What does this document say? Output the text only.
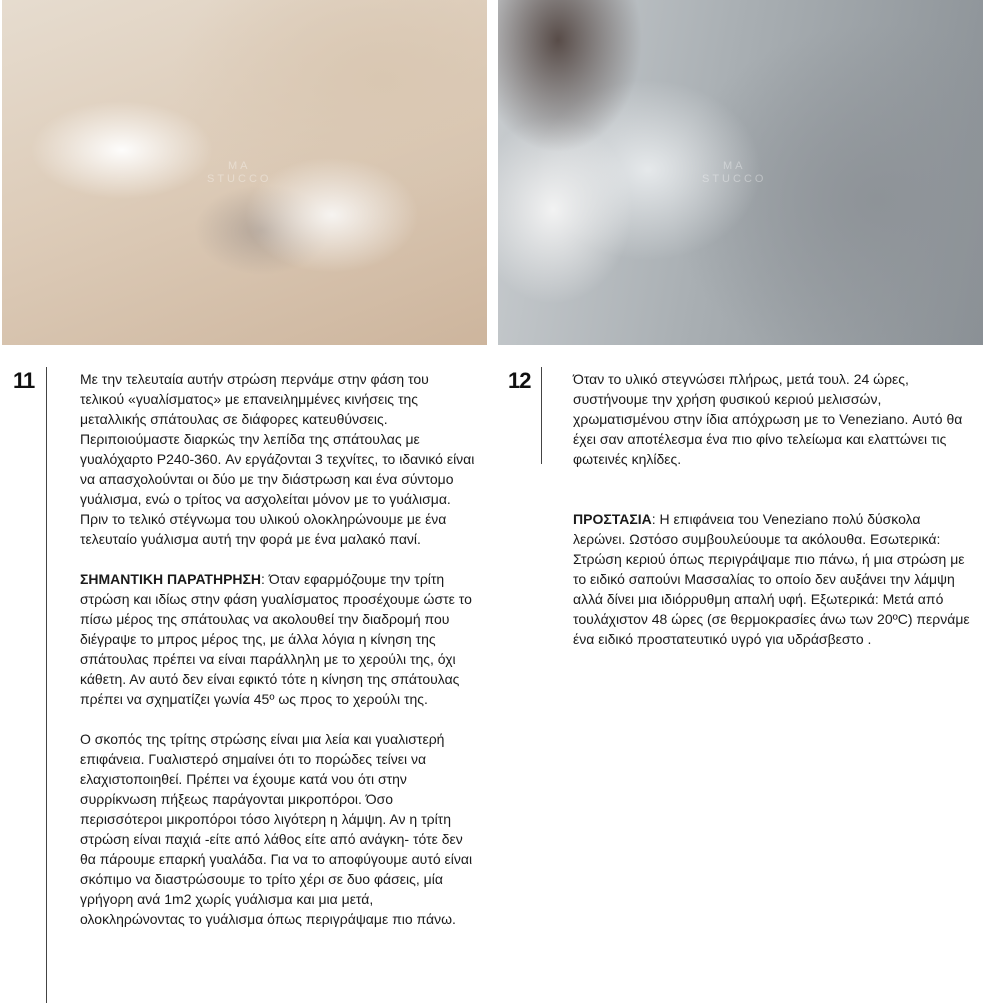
MA
STUCCO
MA
STUCCO
11	Με την τελευταία αυτήν στρώση περνάμε στην φάση του τελικού «γυαλίσματος» με επανειλημμένες κινήσεις της μεταλλικής σπάτουλας σε διάφορες κατευθύνσεις. Περιποιούμαστε διαρκώς την λεπίδα της σπάτουλας με γυαλόχαρτο P240-360. Αν εργάζονται 3 τεχνίτες, το ιδανικό είναι να απασχολούνται οι δύο με την διάστρωση και ένα σύντομο γυάλισμα, ενώ ο τρίτος να ασχολείται μόνον με το γυάλισμα. Πριν το τελικό στέγνωμα του υλικού ολοκληρώνουμε με ένα τελευταίο γυάλισμα αυτή την φορά με ένα μαλακό πανί.

ΣΗΜΑΝΤΙΚΗ ΠΑΡΑΤΗΡΗΣΗ: Όταν εφαρμόζουμε την τρίτη στρώση και ιδίως στην φάση γυαλίσματος προσέχουμε ώστε το πίσω μέρος της σπάτουλας να ακολουθεί την διαδρομή που διέγραψε το μπρος μέρος της, με άλλα λόγια η κίνηση της σπάτουλας πρέπει να είναι παράλληλη με το χερούλι της, όχι κάθετη. Αν αυτό δεν είναι εφικτό τότε η κίνηση της σπάτουλας πρέπει να σχηματίζει γωνία 45º ως προς το χερούλι της.

Ο σκοπός της τρίτης στρώσης είναι μια λεία και γυαλιστερή επιφάνεια. Γυαλιστερό σημαίνει ότι το πορώδες τείνει να ελαχιστοποιηθεί. Πρέπει να έχουμε κατά νου ότι στην συρρίκνωση πήξεως παράγονται μικροπόροι. Όσο περισσότεροι μικροπόροι τόσο λιγότερη η λάμψη. Αν η τρίτη στρώση είναι παχιά -είτε από λάθος είτε από ανάγκη- τότε δεν θα πάρουμε επαρκή γυαλάδα. Για να το αποφύγουμε αυτό είναι σκόπιμο να διαστρώσουμε το τρίτο χέρι σε δυο φάσεις, μία γρήγορη ανά 1m2 χωρίς γυάλισμα και μια μετά, ολοκληρώνοντας το γυάλισμα όπως περιγράψαμε πιο πάνω.

12	Όταν το υλικό στεγνώσει πλήρως, μετά τουλ. 24 ώρες, συστήνουμε την χρήση φυσικού κεριού μελισσών, χρωματισμένου στην ίδια απόχρωση με το Veneziano. Αυτό θα έχει σαν αποτέλεσμα ένα πιο φίνο τελείωμα και ελαττώνει τις φωτεινές κηλίδες.

ΠΡΟΣΤΑΣΙΑ: Η επιφάνεια του Veneziano πολύ δύσκολα λερώνει. Ωστόσο συμβουλεύουμε τα ακόλουθα. Εσωτερικά: Στρώση κεριού όπως περιγράψαμε πιο πάνω, ή μια στρώση με το ειδικό σαπούνι Μασσαλίας το οποίο δεν αυξάνει την λάμψη αλλά δίνει μια ιδιόρρυθμη απαλή υφή. Εξωτερικά: Μετά από τουλάχιστον 48 ώρες (σε θερμοκρασίες άνω των 20ºC) περνάμε ένα ειδικό προστατευτικό υγρό για υδράσβεστο .
